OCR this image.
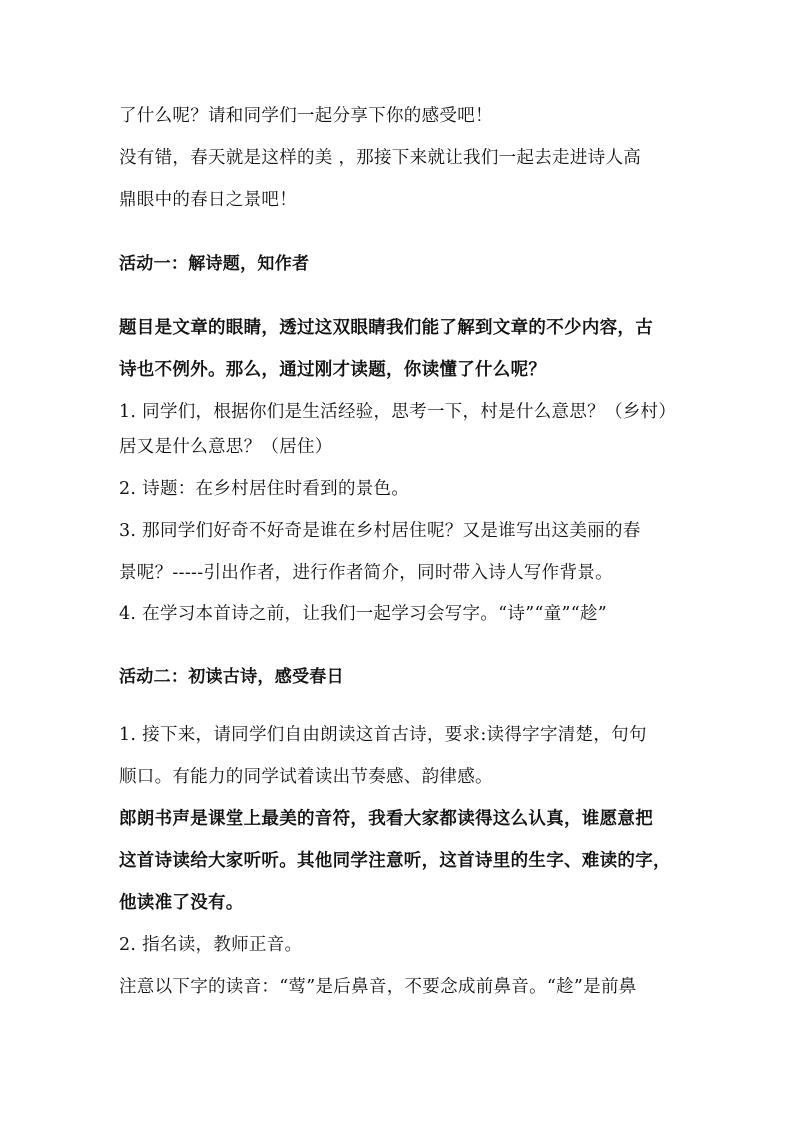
了什么呢？请和同学们一起分享下你的感受吧！
没有错，春天就是这样的美 ，那接下来就让我们一起去走进诗人高
鼎眼中的春日之景吧！
活动一：解诗题，知作者
题目是文章的眼睛，透过这双眼睛我们能了解到文章的不少内容，古
诗也不例外。那么，通过刚才读题，你读懂了什么呢？
1. 同学们，根据你们是生活经验，思考一下，村是什么意思？（乡村）
居又是什么意思？（居住）
2. 诗题：在乡村居住时看到的景色。
3. 那同学们好奇不好奇是谁在乡村居住呢？又是谁写出这美丽的春
景呢？-----引出作者，进行作者简介，同时带入诗人写作背景。
4. 在学习本首诗之前，让我们一起学习会写字。“诗”“童”“趁”
活动二：初读古诗，感受春日
1. 接下来，请同学们自由朗读这首古诗，要求:读得字字清楚，句句
顺口。有能力的同学试着读出节奏感、韵律感。
郎朗书声是课堂上最美的音符，我看大家都读得这么认真，谁愿意把
这首诗读给大家听听。其他同学注意听，这首诗里的生字、难读的字，
他读准了没有。
2. 指名读，教师正音。
注意以下字的读音：“莺”是后鼻音，不要念成前鼻音。“趁”是前鼻
